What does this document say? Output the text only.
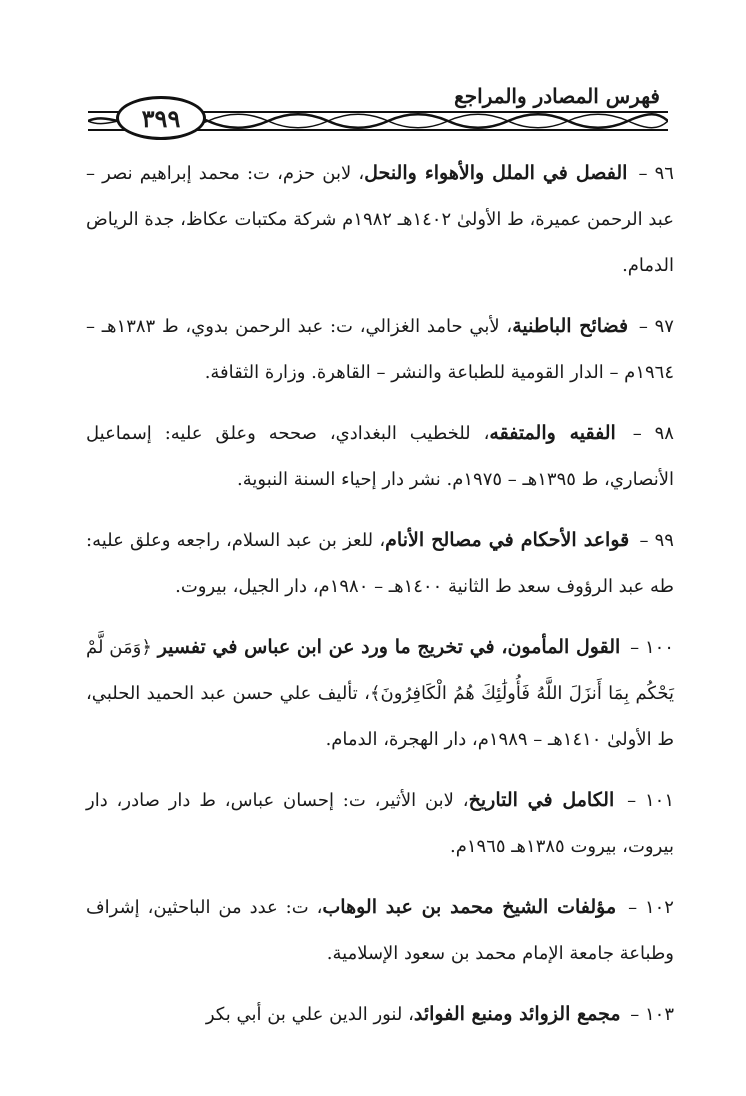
فهرس المصادر والمراجع
٣٩٩

٩٦ – الفصل في الملل والأهواء والنحل، لابن حزم، ت: محمد إبراهيم نصر – عبد الرحمن عميرة، ط الأولىٰ ١٤٠٢هـ ١٩٨٢م شركة مكتبات عكاظ، جدة الرياض الدمام.

٩٧ – فضائح الباطنية، لأبي حامد الغزالي، ت: عبد الرحمن بدوي، ط ١٣٨٣هـ – ١٩٦٤م – الدار القومية للطباعة والنشر – القاهرة. وزارة الثقافة.

٩٨ – الفقيه والمتفقه، للخطيب البغدادي، صححه وعلق عليه: إسماعيل الأنصاري، ط ١٣٩٥هـ – ١٩٧٥م. نشر دار إحياء السنة النبوية.

٩٩ – قواعد الأحكام في مصالح الأنام، للعز بن عبد السلام، راجعه وعلق عليه: طه عبد الرؤوف سعد ط الثانية ١٤٠٠هـ – ١٩٨٠م، دار الجيل، بيروت.

١٠٠ – القول المأمون، في تخريج ما ورد عن ابن عباس في تفسير ﴿وَمَن لَّمْ يَحْكُم بِمَا أَنزَلَ اللَّهُ فَأُولَٰئِكَ هُمُ الْكَافِرُونَ﴾، تأليف علي حسن عبد الحميد الحلبي، ط الأولىٰ ١٤١٠هـ – ١٩٨٩م، دار الهجرة، الدمام.

١٠١ – الكامل في التاريخ، لابن الأثير، ت: إحسان عباس، ط دار صادر، دار بيروت، بيروت ١٣٨٥هـ ١٩٦٥م.

١٠٢ – مؤلفات الشيخ محمد بن عبد الوهاب، ت: عدد من الباحثين، إشراف وطباعة جامعة الإمام محمد بن سعود الإسلامية.

١٠٣ – مجمع الزوائد ومنبع الفوائد، لنور الدين علي بن أبي بكر
